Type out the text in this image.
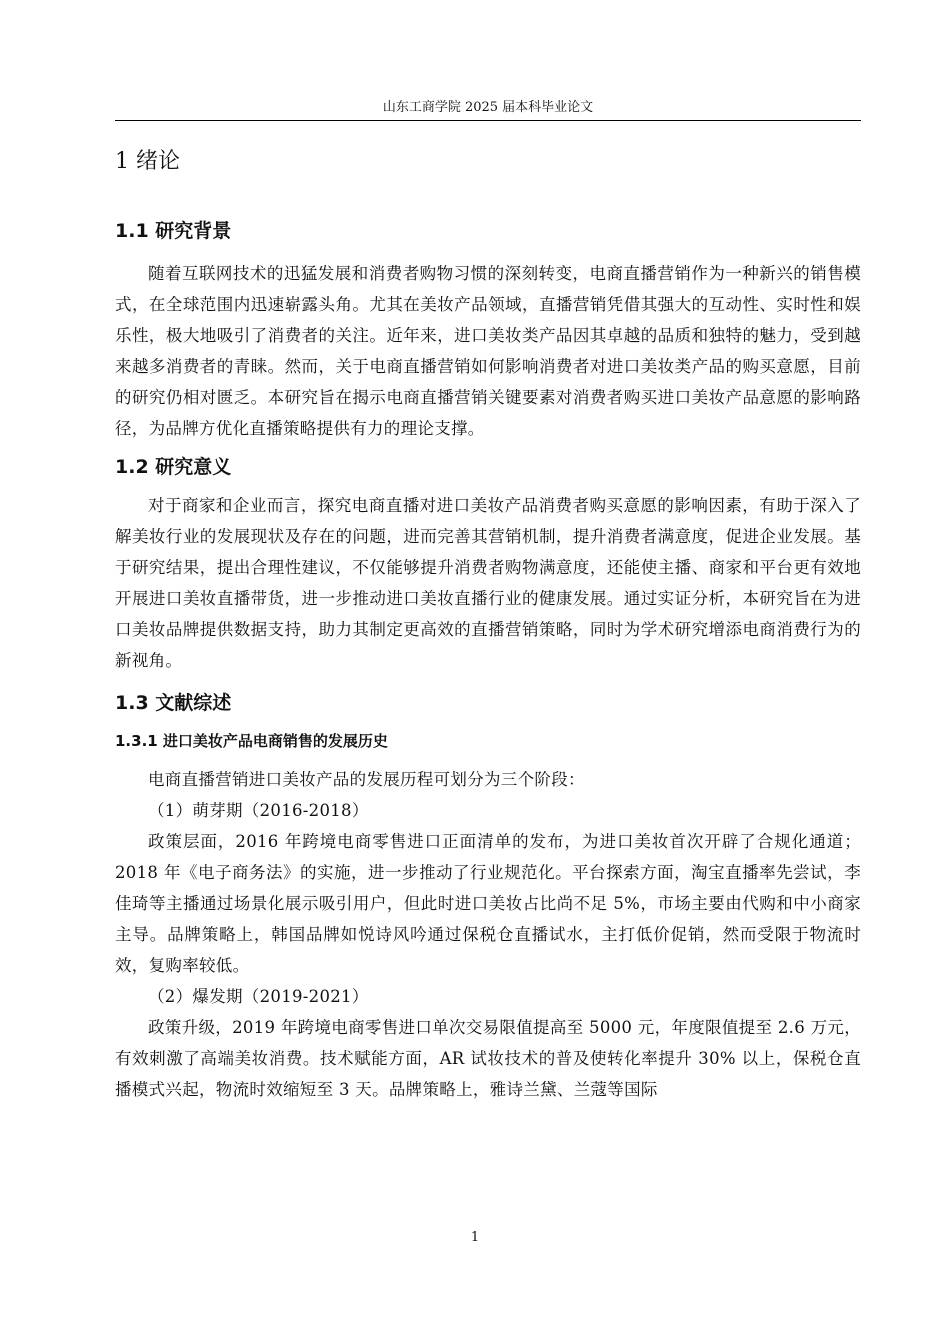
山东工商学院 2025 届本科毕业论文
1 绪论
1.1 研究背景

随着互联网技术的迅猛发展和消费者购物习惯的深刻转变，电商直播营销作为一种新兴的销售模式，在全球范围内迅速崭露头角。尤其在美妆产品领域，直播营销凭借其强大的互动性、实时性和娱乐性，极大地吸引了消费者的关注。近年来，进口美妆类产品因其卓越的品质和独特的魅力，受到越来越多消费者的青睐。然而，关于电商直播营销如何影响消费者对进口美妆类产品的购买意愿，目前的研究仍相对匮乏。本研究旨在揭示电商直播营销关键要素对消费者购买进口美妆产品意愿的影响路径，为品牌方优化直播策略提供有力的理论支撑。

1.2 研究意义

对于商家和企业而言，探究电商直播对进口美妆产品消费者购买意愿的影响因素，有助于深入了解美妆行业的发展现状及存在的问题，进而完善其营销机制，提升消费者满意度，促进企业发展。基于研究结果，提出合理性建议，不仅能够提升消费者购物满意度，还能使主播、商家和平台更有效地开展进口美妆直播带货，进一步推动进口美妆直播行业的健康发展。通过实证分析，本研究旨在为进口美妆品牌提供数据支持，助力其制定更高效的直播营销策略，同时为学术研究增添电商消费行为的新视角。

1.3 文献综述
1.3.1 进口美妆产品电商销售的发展历史

电商直播营销进口美妆产品的发展历程可划分为三个阶段：

（1）萌芽期（2016-2018）

政策层面，2016 年跨境电商零售进口正面清单的发布，为进口美妆首次开辟了合规化通道；2018 年《电子商务法》的实施，进一步推动了行业规范化。平台探索方面，淘宝直播率先尝试，李佳琦等主播通过场景化展示吸引用户，但此时进口美妆占比尚不足 5%，市场主要由代购和中小商家主导。品牌策略上，韩国品牌如悦诗风吟通过保税仓直播试水，主打低价促销，然而受限于物流时效，复购率较低。

（2）爆发期（2019-2021）

政策升级，2019 年跨境电商零售进口单次交易限值提高至 5000 元，年度限值提至 2.6 万元，有效刺激了高端美妆消费。技术赋能方面，AR 试妆技术的普及使转化率提升 30% 以上，保税仓直播模式兴起，物流时效缩短至 3 天。品牌策略上，雅诗兰黛、兰蔻等国际

1
